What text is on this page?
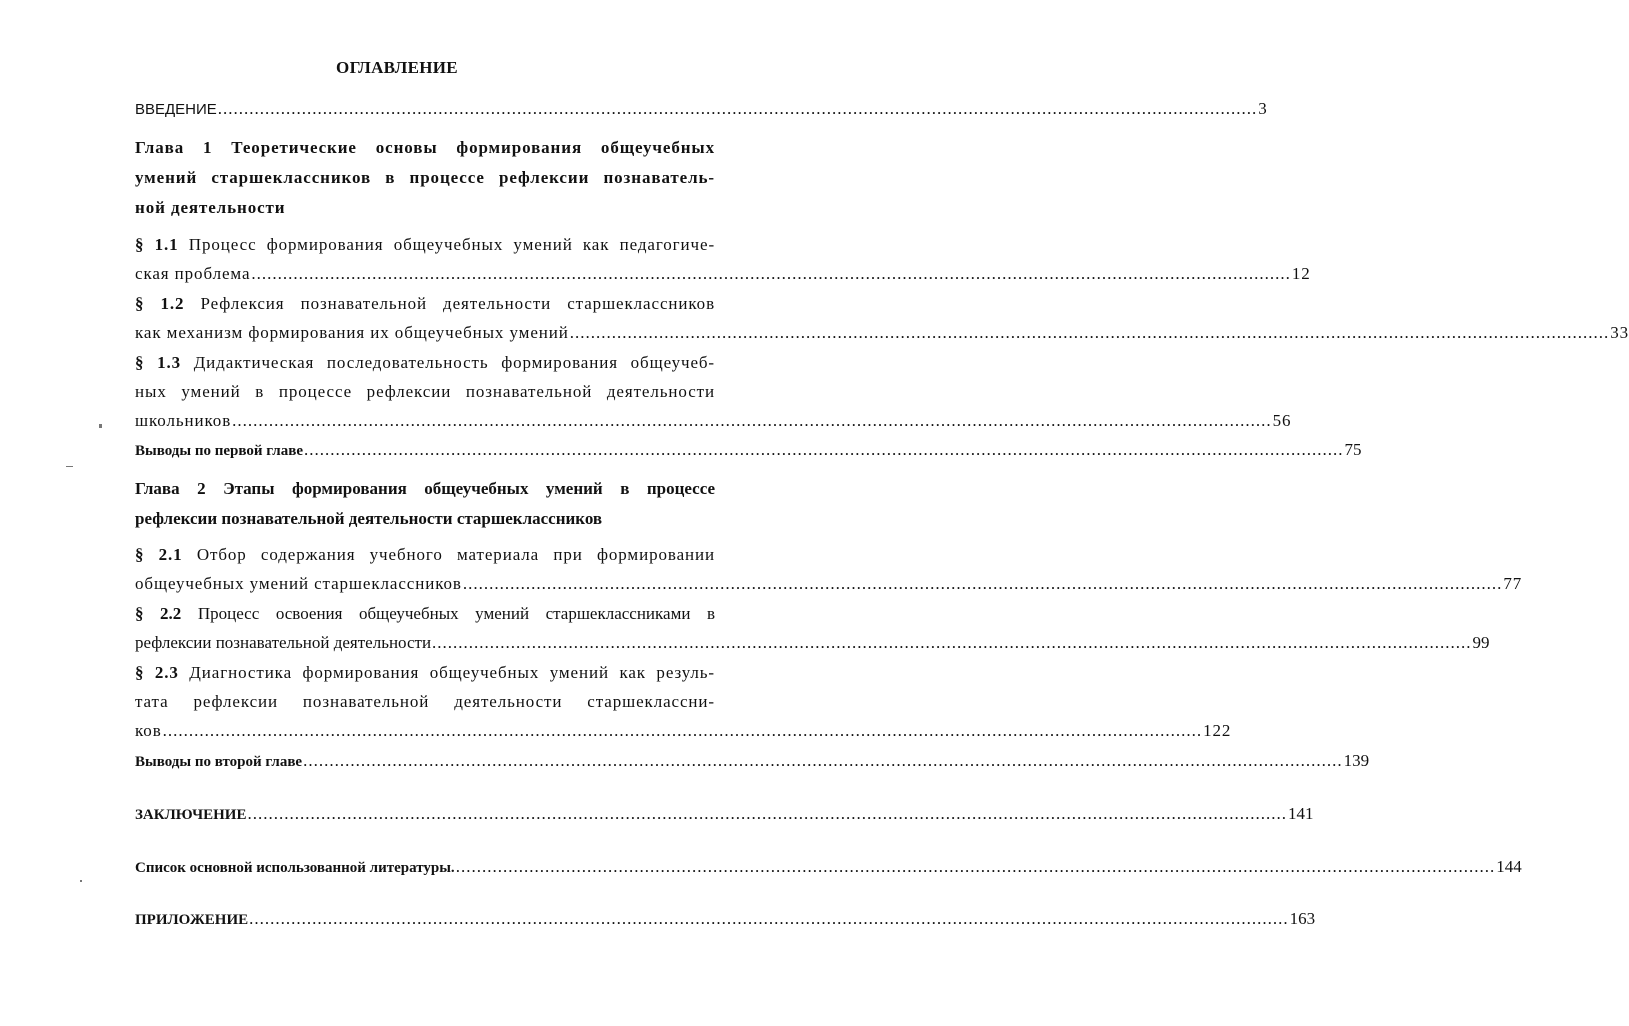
ОГЛАВЛЕНИЕ
ВВЕДЕНИЕ ...................................................................................................................................................................................................... 3
Глава 1 Теоретические основы формирования общеучебных
умений старшеклассников в процессе рефлексии познаватель-
ной деятельности
§ 1.1 Процесс формирования общеучебных умений как педагогиче-
ская проблема ...................................................................................................................................................................................................... 12
§ 1.2 Рефлексия познавательной деятельности старшеклассников
как механизм формирования их общеучебных умений ...................................................................................................................................................................................................... 33
§ 1.3 Дидактическая последовательность формирования общеучеб-
ных умений в процессе рефлексии познавательной деятельности
школьников ...................................................................................................................................................................................................... 56
Выводы по первой главе ...................................................................................................................................................................................................... 75
Глава 2 Этапы формирования общеучебных умений в процессе
рефлексии познавательной деятельности старшеклассников
§ 2.1 Отбор содержания учебного материала при формировании
общеучебных умений старшеклассников ...................................................................................................................................................................................................... 77
§ 2.2 Процесс освоения общеучебных умений старшеклассниками в
рефлексии познавательной деятельности ...................................................................................................................................................................................................... 99
§ 2.3 Диагностика формирования общеучебных умений как резуль-
тата рефлексии познавательной деятельности старшеклассни-
ков ...................................................................................................................................................................................................... 122
Выводы по второй главе ...................................................................................................................................................................................................... 139
ЗАКЛЮЧЕНИЕ ...................................................................................................................................................................................................... 141
Список основной использованной литературы. ...................................................................................................................................................................................................... 144
ПРИЛОЖЕНИЕ ...................................................................................................................................................................................................... 163
